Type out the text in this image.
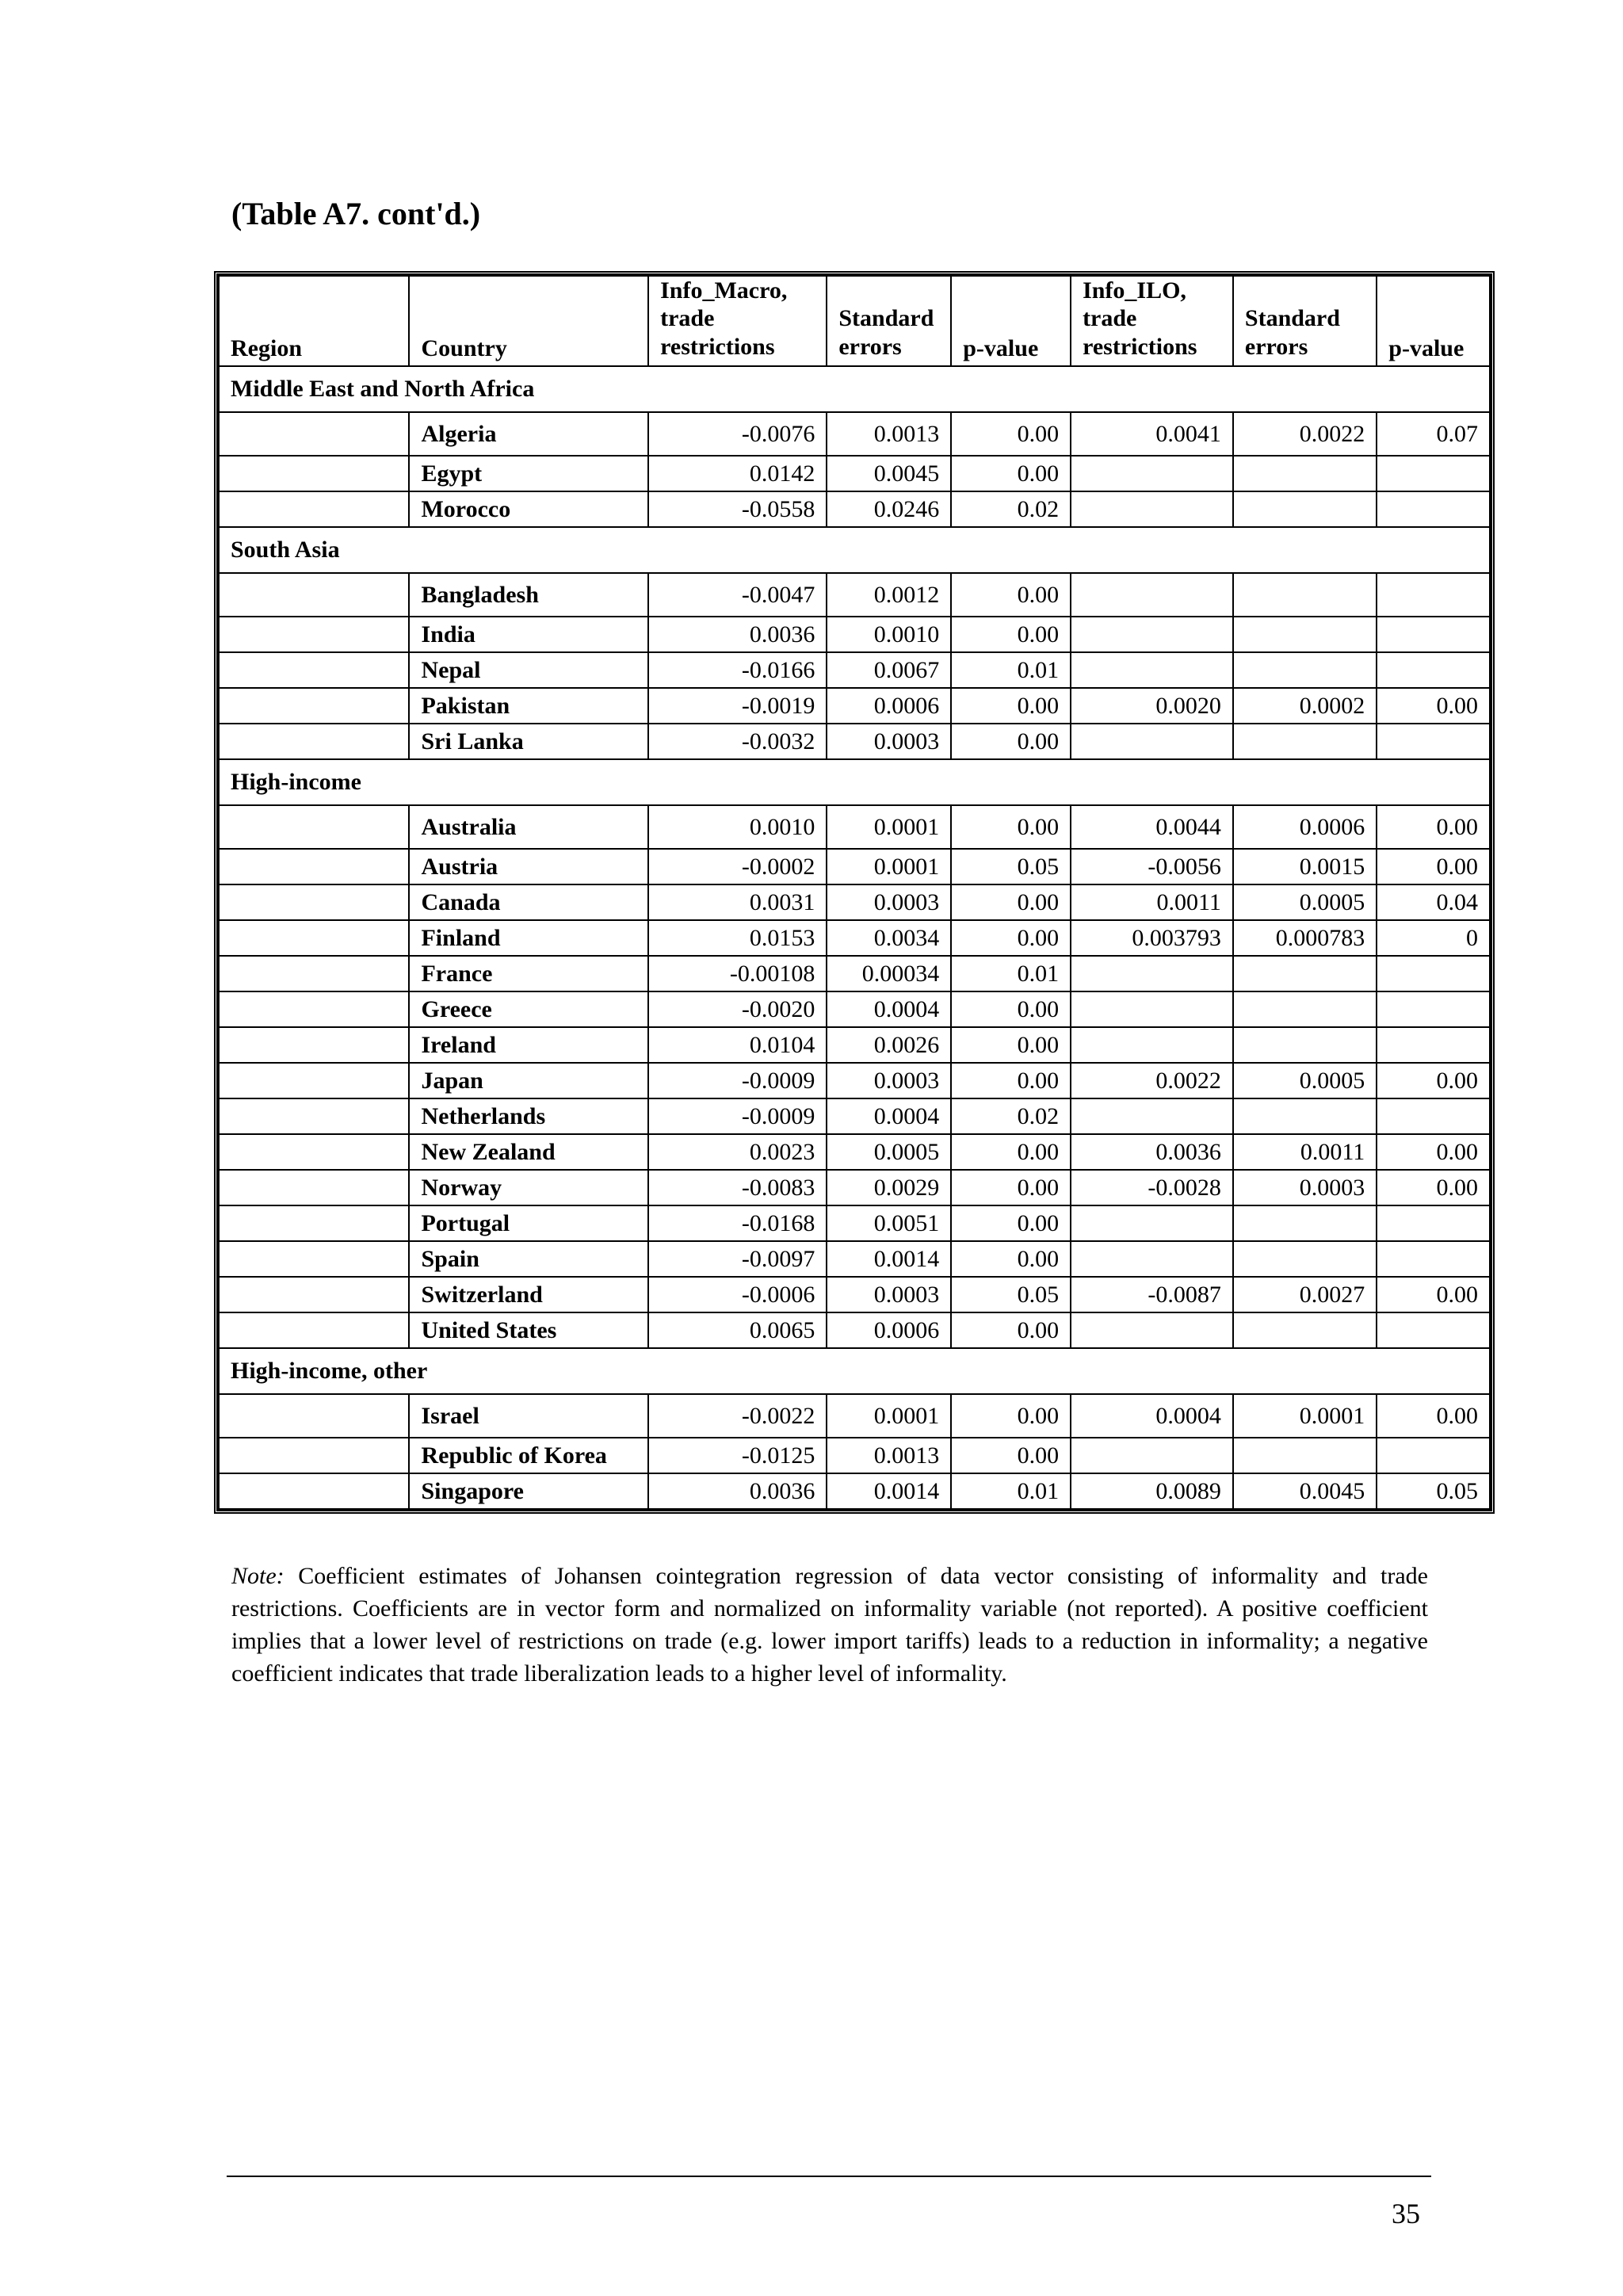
(Table A7. cont'd.)
Region	Country	Info_Macro,
trade
restrictions	Standard
errors	p-value	Info_ILO,
trade
restrictions	Standard
errors	p-value
Middle East and North Africa							
	Algeria	-0.0076	0.0013	0.00	0.0041	0.0022	0.07
	Egypt	0.0142	0.0045	0.00			
	Morocco	-0.0558	0.0246	0.02			
South Asia							
	Bangladesh	-0.0047	0.0012	0.00			
	India	0.0036	0.0010	0.00			
	Nepal	-0.0166	0.0067	0.01			
	Pakistan	-0.0019	0.0006	0.00	0.0020	0.0002	0.00
	Sri Lanka	-0.0032	0.0003	0.00			
High-income							
	Australia	0.0010	0.0001	0.00	0.0044	0.0006	0.00
	Austria	-0.0002	0.0001	0.05	-0.0056	0.0015	0.00
	Canada	0.0031	0.0003	0.00	0.0011	0.0005	0.04
	Finland	0.0153	0.0034	0.00	0.003793	0.000783	0
	France	-0.00108	0.00034	0.01			
	Greece	-0.0020	0.0004	0.00			
	Ireland	0.0104	0.0026	0.00			
	Japan	-0.0009	0.0003	0.00	0.0022	0.0005	0.00
	Netherlands	-0.0009	0.0004	0.02			
	New Zealand	0.0023	0.0005	0.00	0.0036	0.0011	0.00
	Norway	-0.0083	0.0029	0.00	-0.0028	0.0003	0.00
	Portugal	-0.0168	0.0051	0.00			
	Spain	-0.0097	0.0014	0.00			
	Switzerland	-0.0006	0.0003	0.05	-0.0087	0.0027	0.00
	United States	0.0065	0.0006	0.00			
High-income, other							
	Israel	-0.0022	0.0001	0.00	0.0004	0.0001	0.00
	Republic of Korea	-0.0125	0.0013	0.00			
	Singapore	0.0036	0.0014	0.01	0.0089	0.0045	0.05

Note: Coefficient estimates of Johansen cointegration regression of data vector consisting of informality and trade restrictions. Coefficients are in vector form and normalized on informality variable (not reported). A positive coefficient implies that a lower level of restrictions on trade (e.g. lower import tariffs) leads to a reduction in informality; a negative coefficient indicates that trade liberalization leads to a higher level of informality.

35
